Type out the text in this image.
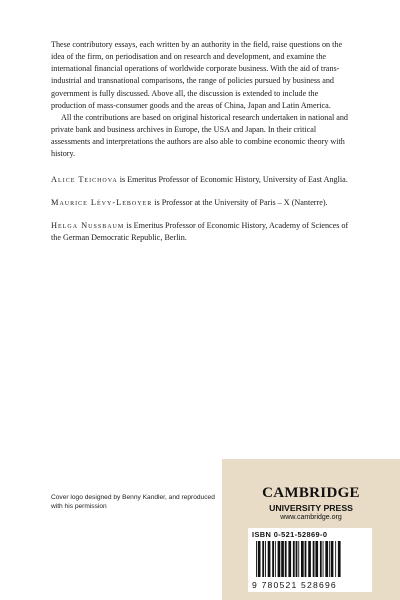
These contributory essays, each written by an authority in the field, raise questions on the idea of the firm, on periodisation and on research and development, and examine the international financial operations of worldwide corporate business. With the aid of trans-industrial and transnational comparisons, the range of policies pursued by business and government is fully discussed. Above all, the discussion is extended to include the production of mass-consumer goods and the areas of China, Japan and Latin America.

All the contributions are based on original historical research undertaken in national and private bank and business archives in Europe, the USA and Japan. In their critical assessments and interpretations the authors are also able to combine economic theory with history.

Alice Teichova is Emeritus Professor of Economic History, University of East Anglia.

Maurice Lévy-Leboyer is Professor at the University of Paris – X (Nanterre).

Helga Nussbaum is Emeritus Professor of Economic History, Academy of Sciences of the German Democratic Republic, Berlin.

Cover logo designed by Benny Kandler, and reproduced with his permission
CAMBRIDGE
UNIVERSITY PRESS
www.cambridge.org
ISBN 0-521-52869-0
9 780521 528696
